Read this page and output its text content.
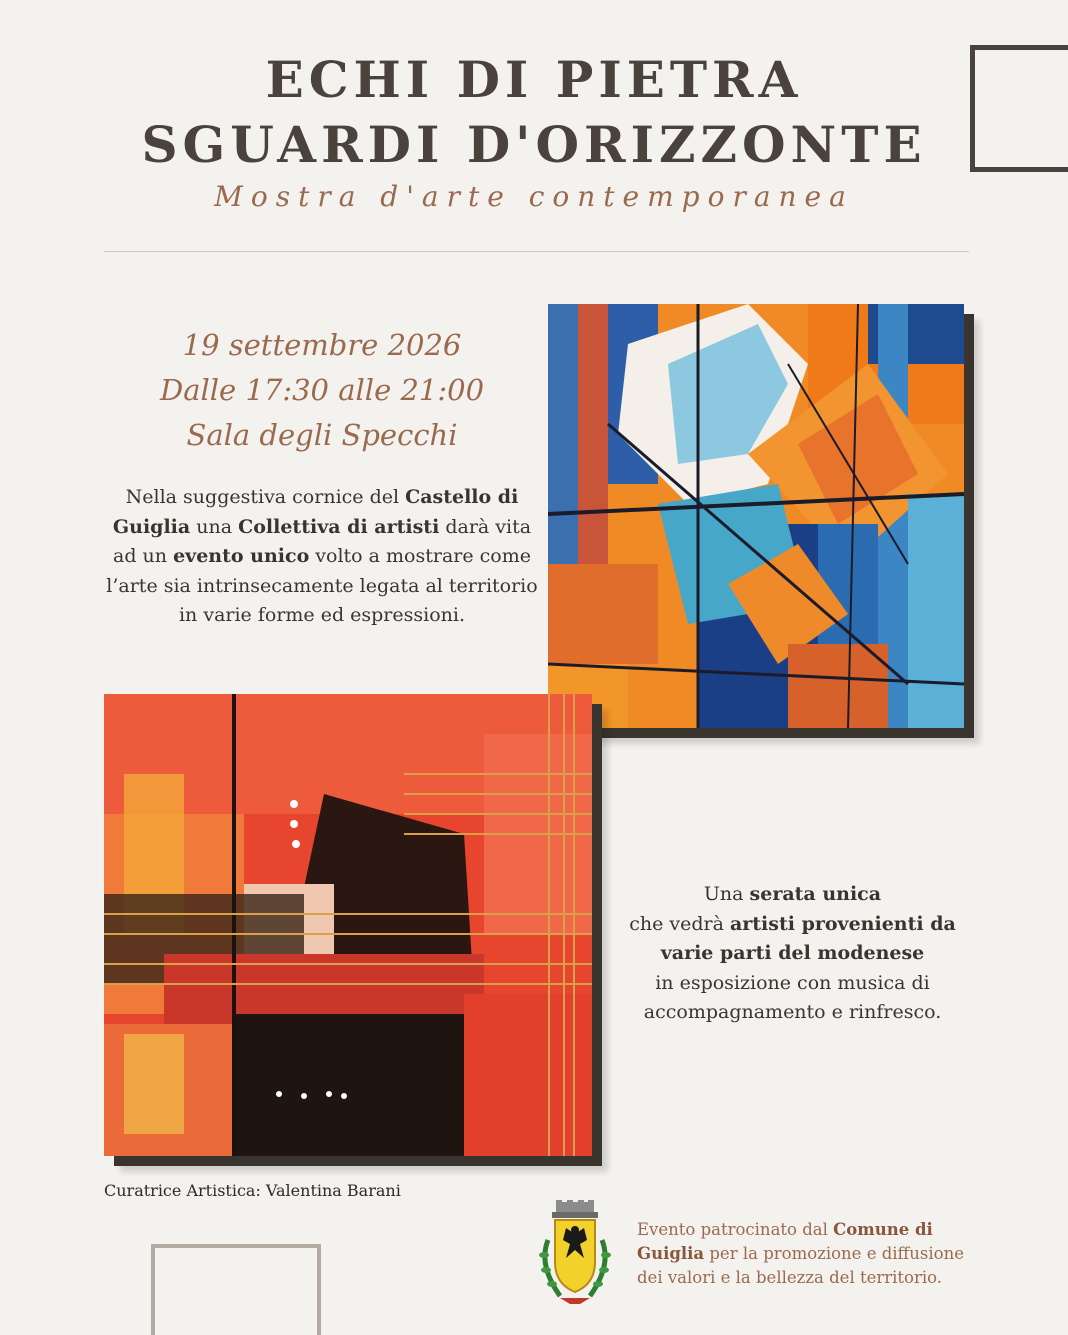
ECHI DI PIETRA
SGUARDI D'ORIZZONTE
Mostra d'arte contemporanea
19 settembre 2026
Dalle 17:30 alle 21:00
Sala degli Specchi
Nella suggestiva cornice del Castello di Guiglia una Collettiva di artisti darà vita ad un evento unico volto a mostrare come l’arte sia intrinsecamente legata al territorio in varie forme ed espressioni.
Una serata unica
che vedrà artisti provenienti da varie parti del modenese
in esposizione con musica di accompagnamento e rinfresco.
Curatrice Artistica: Valentina Barani
Evento patrocinato dal Comune di Guiglia per la promozione e diffusione dei valori e la bellezza del territorio.
